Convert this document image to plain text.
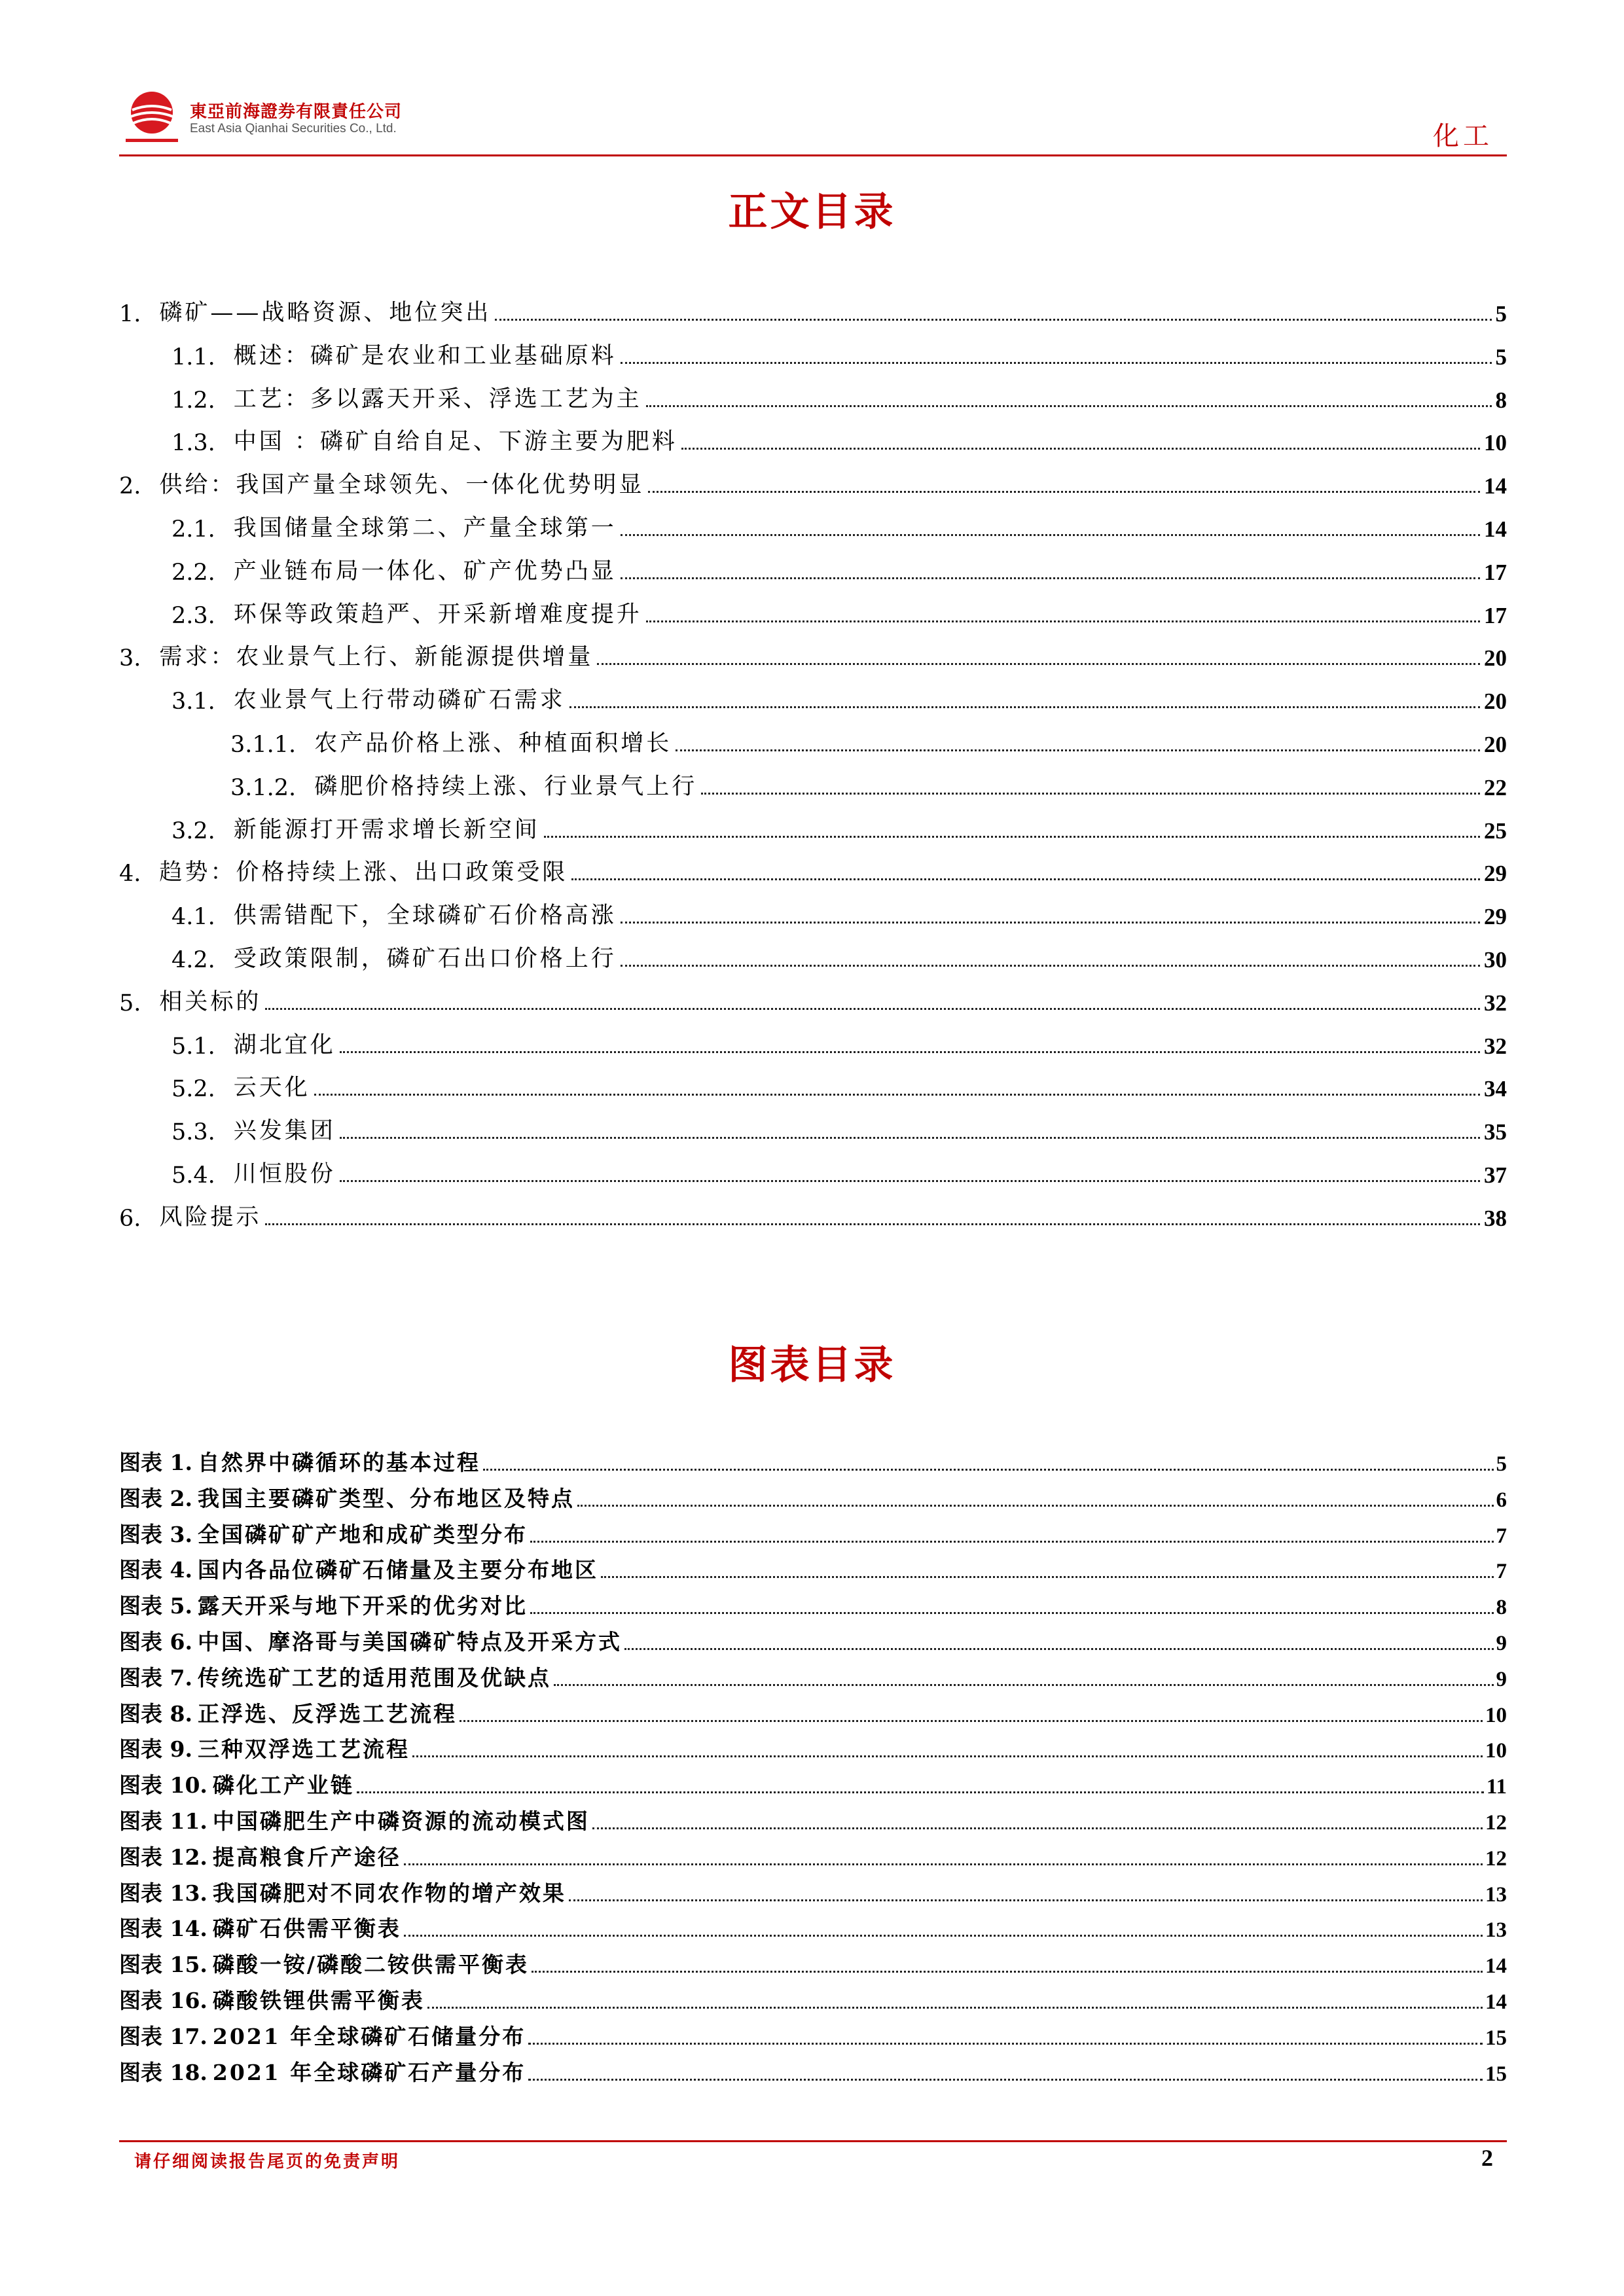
東亞前海證券有限責任公司
East Asia Qianhai Securities Co., Ltd.	化工
正文目录
1. 磷矿——战略资源、地位突出	5
1.1. 概述：磷矿是农业和工业基础原料	5
1.2. 工艺：多以露天开采、浮选工艺为主	8
1.3. 中国 ：磷矿自给自足、下游主要为肥料	10
2. 供给：我国产量全球领先、一体化优势明显	14
2.1. 我国储量全球第二、产量全球第一	14
2.2. 产业链布局一体化、矿产优势凸显	17
2.3. 环保等政策趋严、开采新增难度提升	17
3. 需求：农业景气上行、新能源提供增量	20
3.1. 农业景气上行带动磷矿石需求	20
3.1.1. 农产品价格上涨、种植面积增长	20
3.1.2. 磷肥价格持续上涨、行业景气上行	22
3.2. 新能源打开需求增长新空间	25
4. 趋势：价格持续上涨、出口政策受限	29
4.1. 供需错配下，全球磷矿石价格高涨	29
4.2. 受政策限制，磷矿石出口价格上行	30
5. 相关标的	32
5.1. 湖北宜化	32
5.2. 云天化	34
5.3. 兴发集团	35
5.4. 川恒股份	37
6. 风险提示	38
图表目录
图表 1. 自然界中磷循环的基本过程	5
图表 2. 我国主要磷矿类型、分布地区及特点	6
图表 3. 全国磷矿矿产地和成矿类型分布	7
图表 4. 国内各品位磷矿石储量及主要分布地区	7
图表 5. 露天开采与地下开采的优劣对比	8
图表 6. 中国、摩洛哥与美国磷矿特点及开采方式	9
图表 7. 传统选矿工艺的适用范围及优缺点	9
图表 8. 正浮选、反浮选工艺流程	10
图表 9. 三种双浮选工艺流程	10
图表 10. 磷化工产业链	11
图表 11. 中国磷肥生产中磷资源的流动模式图	12
图表 12. 提高粮食斤产途径	12
图表 13. 我国磷肥对不同农作物的增产效果	13
图表 14. 磷矿石供需平衡表	13
图表 15. 磷酸一铵/磷酸二铵供需平衡表	14
图表 16. 磷酸铁锂供需平衡表	14
图表 17. 2021 年全球磷矿石储量分布	15
图表 18. 2021 年全球磷矿石产量分布	15
请仔细阅读报告尾页的免责声明	2
